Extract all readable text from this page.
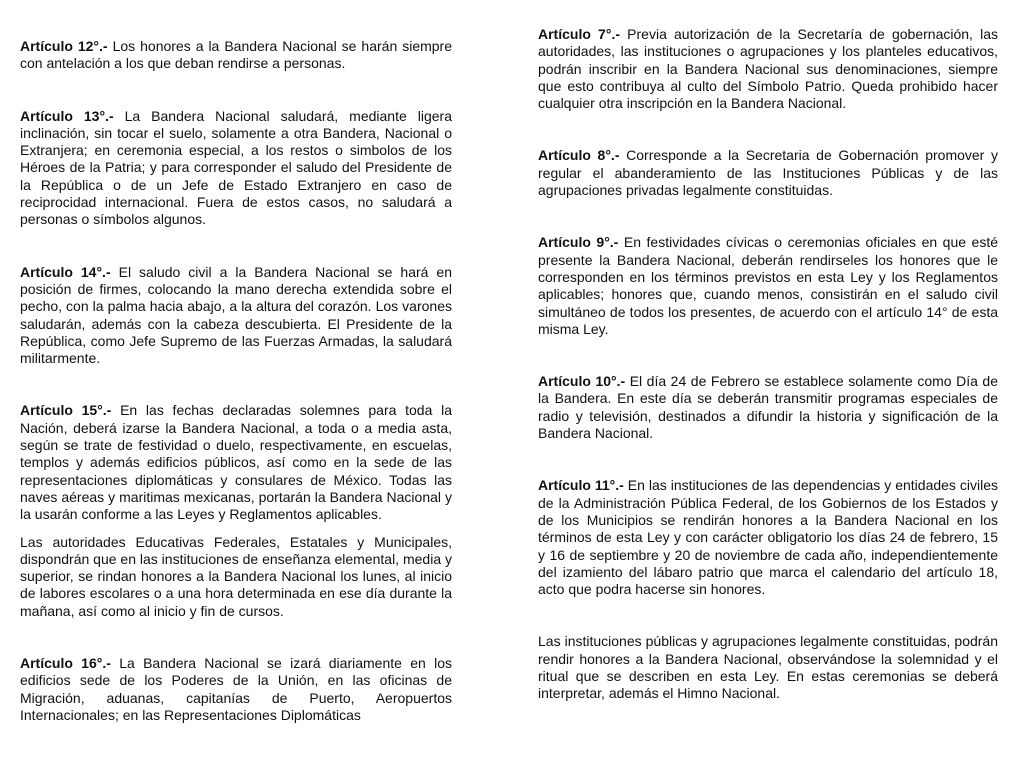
Artículo 12°.- Los honores a la Bandera Nacional se harán siempre con antelación a los que deban rendirse a personas.

Artículo 13°.- La Bandera Nacional saludará, mediante ligera inclinación, sin tocar el suelo, solamente a otra Bandera, Nacional o Extranjera; en ceremonia especial, a los restos o simbolos de los Héroes de la Patria; y para corresponder el saludo del Presidente de la República o de un Jefe de Estado Extranjero en caso de reciprocidad internacional. Fuera de estos casos, no saludará a personas o símbolos algunos.

Artículo 14°.- El saludo civil a la Bandera Nacional se hará en posición de firmes, colocando la mano derecha extendida sobre el pecho, con la palma hacia abajo, a la altura del corazón. Los varones saludarán, además con la cabeza descubierta. El Presidente de la República, como Jefe Supremo de las Fuerzas Armadas, la saludará militarmente.

Artículo 15°.- En las fechas declaradas solemnes para toda la Nación, deberá izarse la Bandera Nacional, a toda o a media asta, según se trate de festividad o duelo, respectivamente, en escuelas, templos y además edificios públicos, así como en la sede de las representaciones diplomáticas y consulares de México. Todas las naves aéreas y maritimas mexicanas, portarán la Bandera Nacional y la usarán conforme a las Leyes y Reglamentos aplicables.

Las autoridades Educativas Federales, Estatales y Municipales, dispondrán que en las instituciones de enseñanza elemental, media y superior, se rindan honores a la Bandera Nacional los lunes, al inicio de labores escolares o a una hora determinada en ese día durante la mañana, así como al inicio y fin de cursos.

Artículo 16°.- La Bandera Nacional se izará diariamente en los edificios sede de los Poderes de la Unión, en las oficinas de Migración, aduanas, capitanías de Puerto, Aeropuertos Internacionales; en las Representaciones Diplomáticas

Artículo 7°.- Previa autorización de la Secretaría de gobernación, las autoridades, las instituciones o agrupaciones y los planteles educativos, podrán inscribir en la Bandera Nacional sus denominaciones, siempre que esto contribuya al culto del Símbolo Patrio. Queda prohibido hacer cualquier otra inscripción en la Bandera Nacional.

Artículo 8°.- Corresponde a la Secretaria de Gobernación promover y regular el abanderamiento de las Instituciones Públicas y de las agrupaciones privadas legalmente constituidas.

Artículo 9°.- En festividades cívicas o ceremonias oficiales en que esté presente la Bandera Nacional, deberán rendirseles los honores que le corresponden en los términos previstos en esta Ley y los Reglamentos aplicables; honores que, cuando menos, consistirán en el saludo civil simultáneo de todos los presentes, de acuerdo con el artículo 14° de esta misma Ley.

Artículo 10°.- El día 24 de Febrero se establece solamente como Día de la Bandera. En este día se deberán transmitir programas especiales de radio y televisión, destinados a difundir la historia y significación de la Bandera Nacional.

Artículo 11°.- En las instituciones de las dependencias y entidades civiles de la Administración Pública Federal, de los Gobiernos de los Estados y de los Municipios se rendirán honores a la Bandera Nacional en los términos de esta Ley y con carácter obligatorio los días 24 de febrero, 15 y 16 de septiembre y 20 de noviembre de cada año, independientemente del izamiento del lábaro patrio que marca el calendario del artículo 18, acto que podra hacerse sin honores.

Las instituciones públicas y agrupaciones legalmente constituidas, podrán rendir honores a la Bandera Nacional, observándose la solemnidad y el ritual que se describen en esta Ley. En estas ceremonias se deberá interpretar, además el Himno Nacional.
